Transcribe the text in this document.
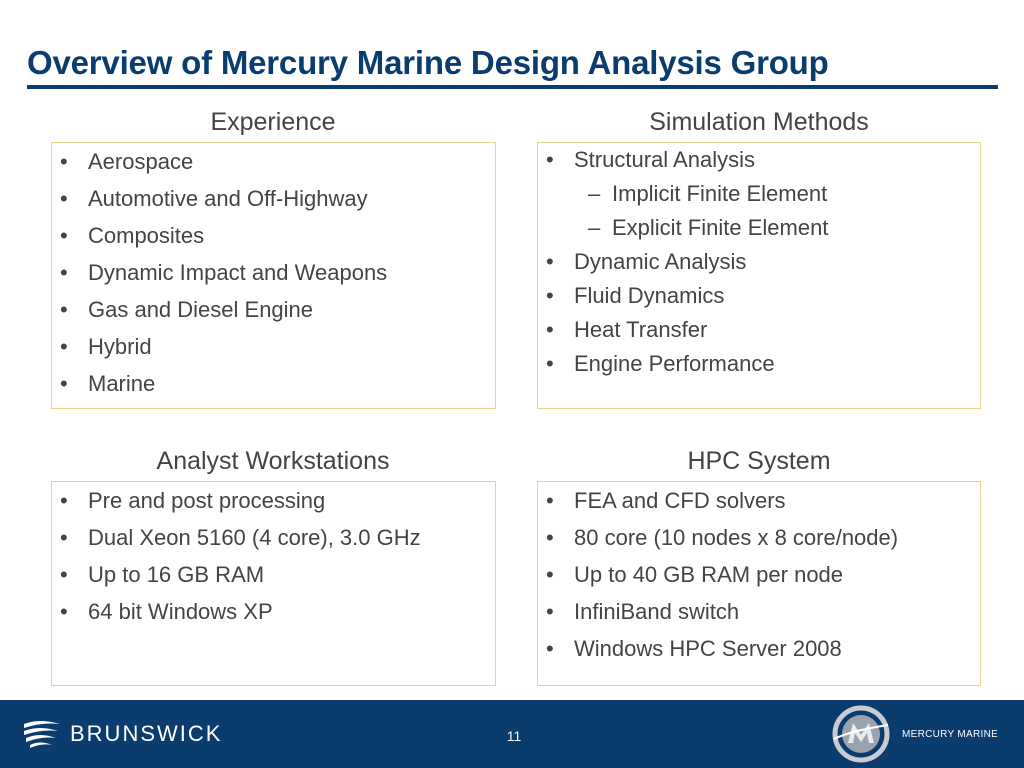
Overview of Mercury Marine Design Analysis Group
Experience
• Aerospace
• Automotive and Off-Highway
• Composites
• Dynamic Impact and Weapons
• Gas and Diesel Engine
• Hybrid
• Marine
Simulation Methods
• Structural Analysis
– Implicit Finite Element
– Explicit Finite Element
• Dynamic Analysis
• Fluid Dynamics
• Heat Transfer
• Engine Performance
Analyst Workstations
• Pre and post processing
• Dual Xeon 5160 (4 core), 3.0 GHz
• Up to 16 GB RAM
• 64 bit Windows XP
HPC System
• FEA and CFD solvers
• 80 core (10 nodes x 8 core/node)
• Up to 40 GB RAM per node
• InfiniBand switch
• Windows HPC Server 2008
BRUNSWICK	11	MERCURY MARINE
